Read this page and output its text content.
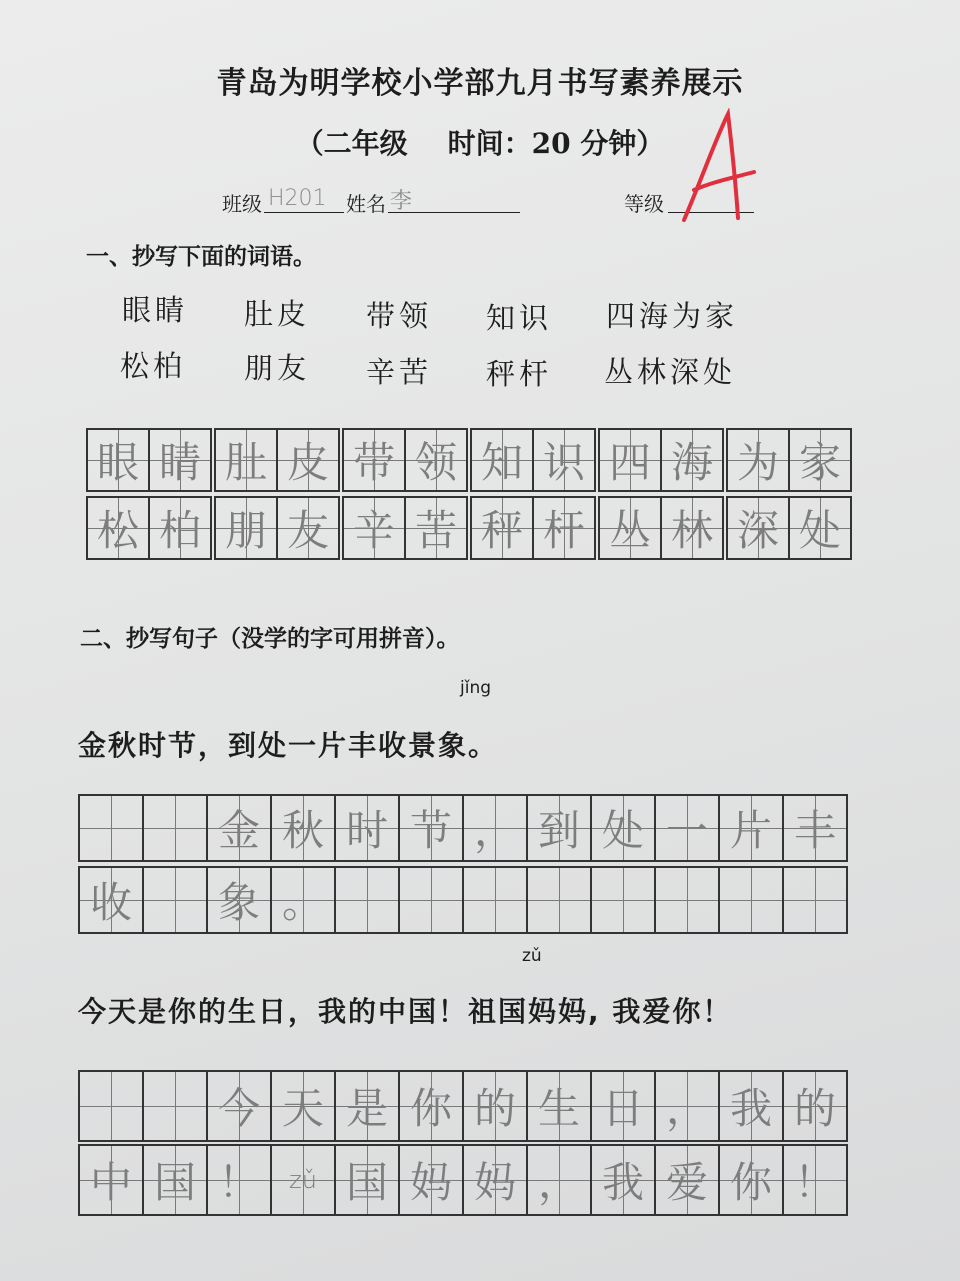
青岛为明学校小学部九月书写素养展示
（二年级 时间：20 分钟）
班级 H201 姓名 李	等级
一、抄写下面的词语。
眼睛 肚皮 带领 知识 四海为家
松柏 朋友 辛苦 秤杆 丛林深处
眼 睛 肚 皮 带 领 知 识 四 海 为 家
松 柏 朋 友 辛 苦 秤 杆 丛 林 深 处
二、抄写句子（没学的字可用拼音）。
jǐng
金秋时节，到处一片丰收景象。
金 秋 时 节 ， 到 处 一 片 丰
收 象 。
zǔ
今天是你的生日，我的中国！祖国妈妈, 我爱你！
今 天 是 你 的 生 日 ， 我 的
中 国 ！ zǔ 国 妈 妈 ， 我 爱 你 ！
